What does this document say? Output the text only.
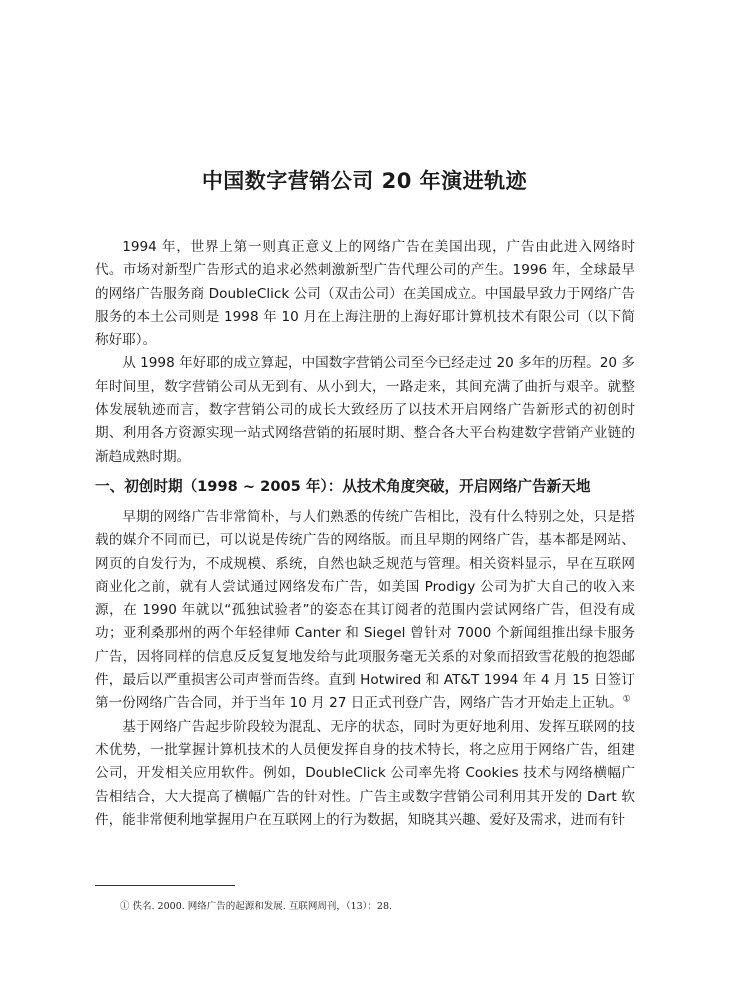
中国数字营销公司 20 年演进轨迹

1994 年，世界上第一则真正意义上的网络广告在美国出现，广告由此进入网络时代。市场对新型广告形式的追求必然刺激新型广告代理公司的产生。1996 年，全球最早的网络广告服务商 DoubleClick 公司（双击公司）在美国成立。中国最早致力于网络广告服务的本土公司则是 1998 年 10 月在上海注册的上海好耶计算机技术有限公司（以下简称好耶）。

从 1998 年好耶的成立算起，中国数字营销公司至今已经走过 20 多年的历程。20 多年时间里，数字营销公司从无到有、从小到大，一路走来，其间充满了曲折与艰辛。就整体发展轨迹而言，数字营销公司的成长大致经历了以技术开启网络广告新形式的初创时期、利用各方资源实现一站式网络营销的拓展时期、整合各大平台构建数字营销产业链的渐趋成熟时期。

一、初创时期（1998 ~ 2005 年）：从技术角度突破，开启网络广告新天地

早期的网络广告非常简朴，与人们熟悉的传统广告相比，没有什么特别之处，只是搭载的媒介不同而已，可以说是传统广告的网络版。而且早期的网络广告，基本都是网站、网页的自发行为，不成规模、系统，自然也缺乏规范与管理。相关资料显示，早在互联网商业化之前，就有人尝试通过网络发布广告，如美国 Prodigy 公司为扩大自己的收入来源，在 1990 年就以“孤独试验者”的姿态在其订阅者的范围内尝试网络广告，但没有成功；亚利桑那州的两个年轻律师 Canter 和 Siegel 曾针对 7000 个新闻组推出绿卡服务广告，因将同样的信息反反复复地发给与此项服务毫无关系的对象而招致雪花般的抱怨邮件，最后以严重损害公司声誉而告终。直到 Hotwired 和 AT&T 1994 年 4 月 15 日签订第一份网络广告合同，并于当年 10 月 27 日正式刊登广告，网络广告才开始走上正轨。①

基于网络广告起步阶段较为混乱、无序的状态，同时为更好地利用、发挥互联网的技术优势，一批掌握计算机技术的人员便发挥自身的技术特长，将之应用于网络广告，组建公司，开发相关应用软件。例如，DoubleClick 公司率先将 Cookies 技术与网络横幅广告相结合，大大提高了横幅广告的针对性。广告主或数字营销公司利用其开发的 Dart 软件，能非常便利地掌握用户在互联网上的行为数据，知晓其兴趣、爱好及需求，进而有针

① 佚名. 2000. 网络广告的起源和发展. 互联网周刊，（13）：28.
